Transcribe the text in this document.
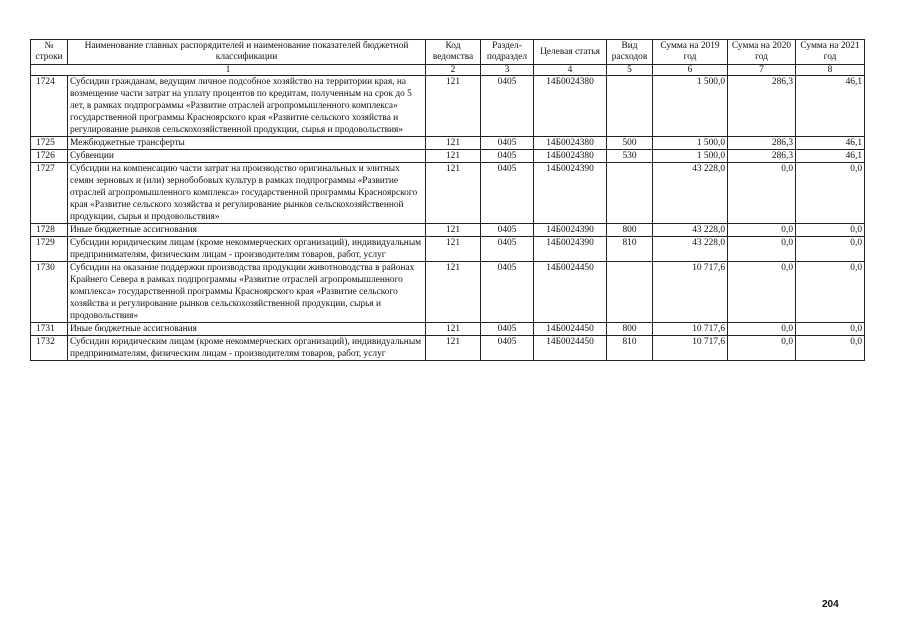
№ строки	Наименование главных распорядителей и наименование показателей бюджетной классификации	Код ведомства	Раздел-подраздел	Целевая статья	Вид расходов	Сумма на 2019 год	Сумма на 2020 год	Сумма на 2021 год
1		2	3	4	5	6	7	8
1724	Субсидии гражданам, ведущим личное подсобное хозяйство на территории края, на возмещение части затрат на уплату процентов по кредитам, полученным на срок до 5 лет, в рамках подпрограммы «Развитие отраслей агропромышленного комплекса» государственной программы Красноярского края «Развитие сельского хозяйства и регулирование рынков сельскохозяйственной продукции, сырья и продовольствия»	121	0405	14Б0024380		1 500,0	286,3	46,1
1725	Межбюджетные трансферты	121	0405	14Б0024380	500	1 500,0	286,3	46,1
1726	Субвенции	121	0405	14Б0024380	530	1 500,0	286,3	46,1
1727	Субсидии на компенсацию части затрат на производство оригинальных и элитных семян зерновых и (или) зернобобовых культур в рамках подпрограммы «Развитие отраслей агропромышленного комплекса» государственной программы Красноярского края «Развитие сельского хозяйства и регулирование рынков сельскохозяйственной продукции, сырья и продовольствия»	121	0405	14Б0024390		43 228,0	0,0	0,0
1728	Иные бюджетные ассигнования	121	0405	14Б0024390	800	43 228,0	0,0	0,0
1729	Субсидии юридическим лицам (кроме некоммерческих организаций), индивидуальным предпринимателям, физическим лицам - производителям товаров, работ, услуг	121	0405	14Б0024390	810	43 228,0	0,0	0,0
1730	Субсидии на оказание поддержки производства продукции животноводства в районах Крайнего Севера в рамках подпрограммы «Развитие отраслей агропромышленного комплекса» государственной программы Красноярского края «Развитие сельского хозяйства и регулирование рынков сельскохозяйственной продукции, сырья и продовольствия»	121	0405	14Б0024450		10 717,6	0,0	0,0
1731	Иные бюджетные ассигнования	121	0405	14Б0024450	800	10 717,6	0,0	0,0
1732	Субсидии юридическим лицам (кроме некоммерческих организаций), индивидуальным предпринимателям, физическим лицам - производителям товаров, работ, услуг	121	0405	14Б0024450	810	10 717,6	0,0	0,0
204
